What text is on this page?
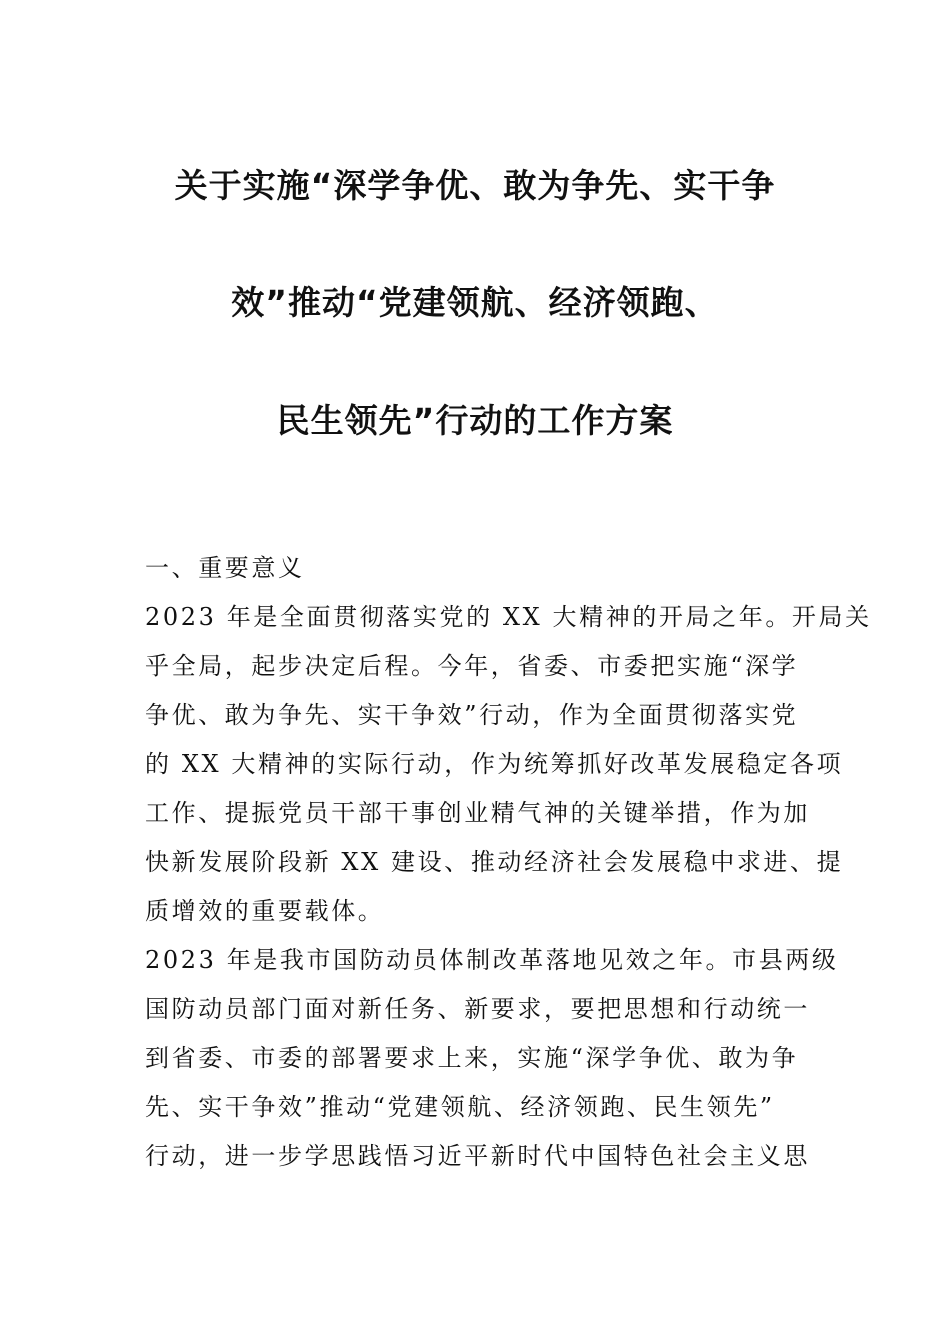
关于实施“深学争优、敢为争先、实干争
效”推动“党建领航、经济领跑、
民生领先”行动的工作方案
一、重要意义
2023 年是全面贯彻落实党的 XX 大精神的开局之年。开局关
乎全局，起步决定后程。今年，省委、市委把实施“深学
争优、敢为争先、实干争效”行动，作为全面贯彻落实党
的 XX 大精神的实际行动，作为统筹抓好改革发展稳定各项
工作、提振党员干部干事创业精气神的关键举措，作为加
快新发展阶段新 XX 建设、推动经济社会发展稳中求进、提
质增效的重要载体。
2023 年是我市国防动员体制改革落地见效之年。市县两级
国防动员部门面对新任务、新要求，要把思想和行动统一
到省委、市委的部署要求上来，实施“深学争优、敢为争
先、实干争效”推动“党建领航、经济领跑、民生领先”
行动，进一步学思践悟习近平新时代中国特色社会主义思
